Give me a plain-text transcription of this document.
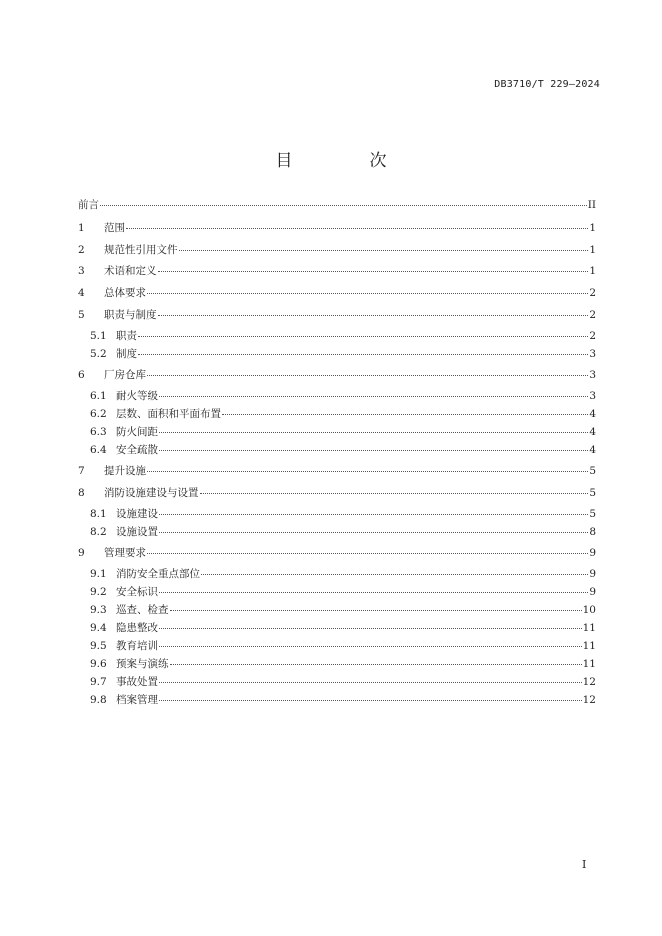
DB3710/T 229—2024
目　次
前言	II
1	范围	1
2	规范性引用文件	1
3	术语和定义	1
4	总体要求	2
5	职责与制度	2
5.1 职责	2
5.2 制度	3
6	厂房仓库	3
6.1 耐火等级	3
6.2 层数、面积和平面布置	4
6.3 防火间距	4
6.4 安全疏散	4
7	提升设施	5
8	消防设施建设与设置	5
8.1 设施建设	5
8.2 设施设置	8
9	管理要求	9
9.1 消防安全重点部位	9
9.2 安全标识	9
9.3 巡查、检查	10
9.4 隐患整改	11
9.5 教育培训	11
9.6 预案与演练	11
9.7 事故处置	12
9.8 档案管理	12
I
